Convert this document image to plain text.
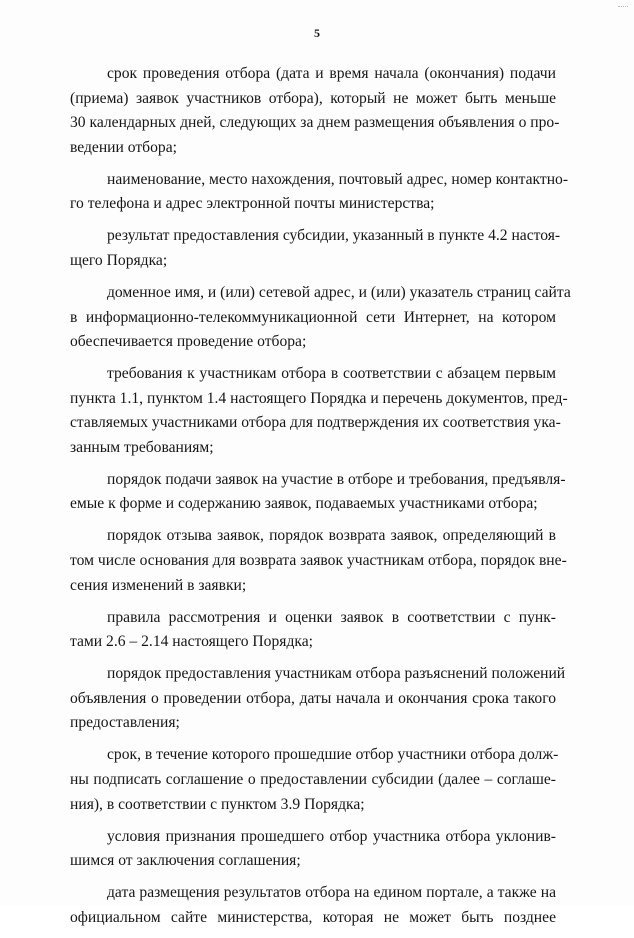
5
срок проведения отбора (дата и время начала (окончания) подачи
(приема) заявок участников отбора), который не может быть меньше
30 календарных дней, следующих за днем размещения объявления о про-
ведении отбора;
наименование, место нахождения, почтовый адрес, номер контактно-
го телефона и адрес электронной почты министерства;
результат предоставления субсидии, указанный в пункте 4.2 настоя-
щего Порядка;
доменное имя, и (или) сетевой адрес, и (или) указатель страниц сайта
в информационно-телекоммуникационной сети Интернет, на котором
обеспечивается проведение отбора;
требования к участникам отбора в соответствии с абзацем первым
пункта 1.1, пунктом 1.4 настоящего Порядка и перечень документов, пред-
ставляемых участниками отбора для подтверждения их соответствия ука-
занным требованиям;
порядок подачи заявок на участие в отборе и требования, предъявля-
емые к форме и содержанию заявок, подаваемых участниками отбора;
порядок отзыва заявок, порядок возврата заявок, определяющий в
том числе основания для возврата заявок участникам отбора, порядок вне-
сения изменений в заявки;
правила рассмотрения и оценки заявок в соответствии с пунк-
тами 2.6 – 2.14 настоящего Порядка;
порядок предоставления участникам отбора разъяснений положений
объявления о проведении отбора, даты начала и окончания срока такого
предоставления;
срок, в течение которого прошедшие отбор участники отбора долж-
ны подписать соглашение о предоставлении субсидии (далее – соглаше-
ния), в соответствии с пунктом 3.9 Порядка;
условия признания прошедшего отбор участника отбора уклонив-
шимся от заключения соглашения;
дата размещения результатов отбора на едином портале, а также на
официальном сайте министерства, которая не может быть позднее
